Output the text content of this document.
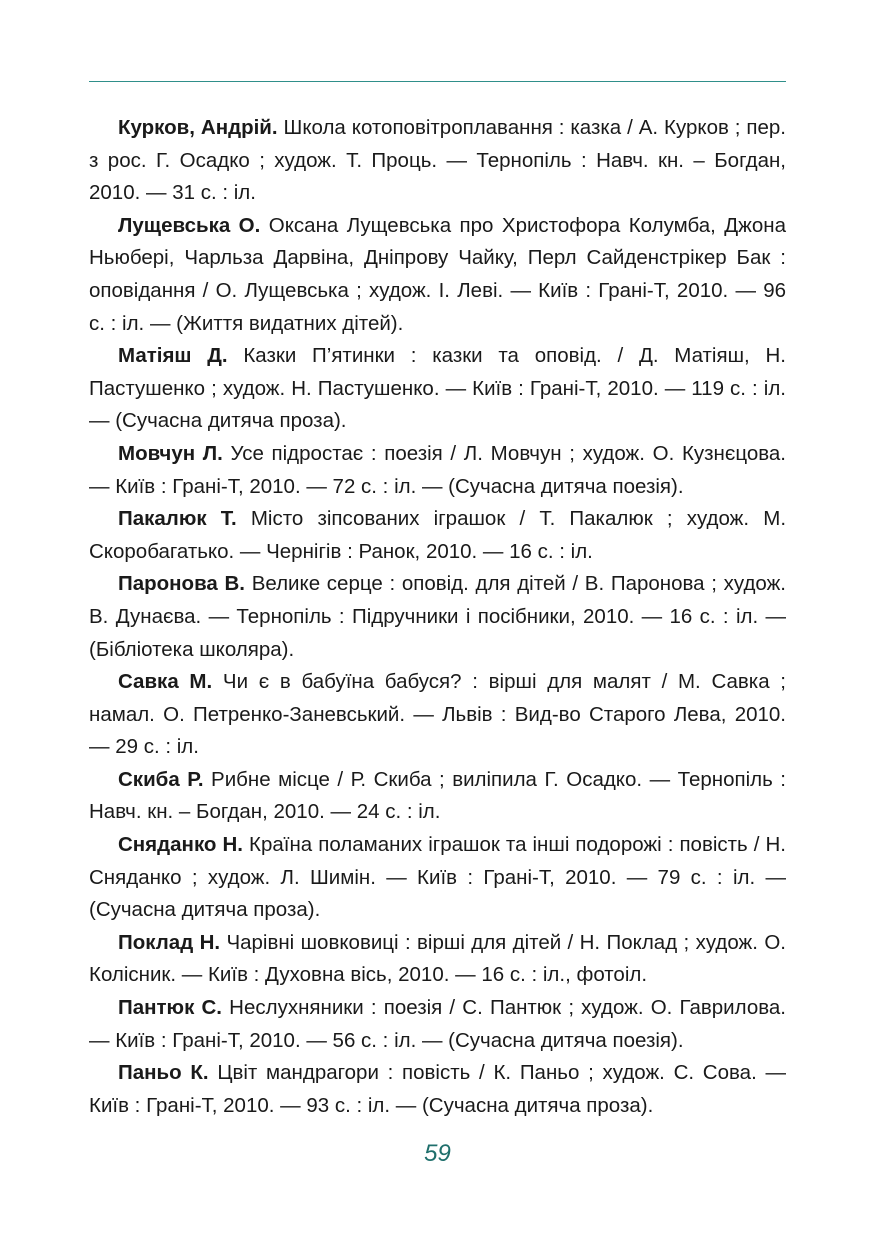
Курков, Андрій. Школа котоповітроплавання : казка / А. Курков ; пер. з рос. Г. Осадко ; худож. Т. Проць. — Тернопіль : Навч. кн. – Богдан, 2010. — 31 с. : іл.

Лущевська О. Оксана Лущевська про Христофора Колумба, Джона Ньюбері, Чарльза Дарвіна, Дніпрову Чайку, Перл Сайденстрікер Бак : оповідання / О. Лущевська ; худож. І. Леві. — Київ : Грані-Т, 2010. — 96 с. : іл. — (Життя видатних дітей).

Матіяш Д. Казки П’ятинки : казки та оповід. / Д. Матіяш, Н. Пастушенко ; худож. Н. Пастушенко. — Київ : Грані-Т, 2010. — 119 с. : іл. — (Сучасна дитяча проза).

Мовчун Л. Усе підростає : поезія / Л. Мовчун ; худож. О. Кузнєцова. — Київ : Грані-Т, 2010. — 72 с. : іл. — (Сучасна дитяча поезія).

Пакалюк Т. Місто зіпсованих іграшок / Т. Пакалюк ; худож. М. Скоробагатько. — Чернігів : Ранок, 2010. — 16 с. : іл.

Паронова В. Велике серце : оповід. для дітей / В. Паронова ; худож. В. Дунаєва. — Тернопіль : Підручники і посібники, 2010. — 16 с. : іл. — (Бібліотека школяра).

Савка М. Чи є в бабуїна бабуся? : вірші для малят / М. Савка ; намал. О. Петренко-Заневський. — Львів : Вид-во Старого Лева, 2010. — 29 с. : іл.

Скиба Р. Рибне місце / Р. Скиба ; виліпила Г. Осадко. — Тернопіль : Навч. кн. – Богдан, 2010. — 24 с. : іл.

Сняданко Н. Країна поламаних іграшок та інші подорожі : повість / Н. Сняданко ; худож. Л. Шимін. — Київ : Грані-Т, 2010. — 79 с. : іл. — (Сучасна дитяча проза).

Поклад Н. Чарівні шовковиці : вірші для дітей / Н. Поклад ; худож. О. Колісник. — Київ : Духовна вісь, 2010. — 16 с. : іл., фотоіл.

Пантюк С. Неслухняники : поезія / С. Пантюк ; худож. О. Гаврилова. — Київ : Грані-Т, 2010. — 56 с. : іл. — (Сучасна дитяча поезія).

Паньо К. Цвіт мандрагори : повість / К. Паньо ; худож. С. Сова. — Київ : Грані-Т, 2010. — 93 с. : іл. — (Сучасна дитяча проза).

59
